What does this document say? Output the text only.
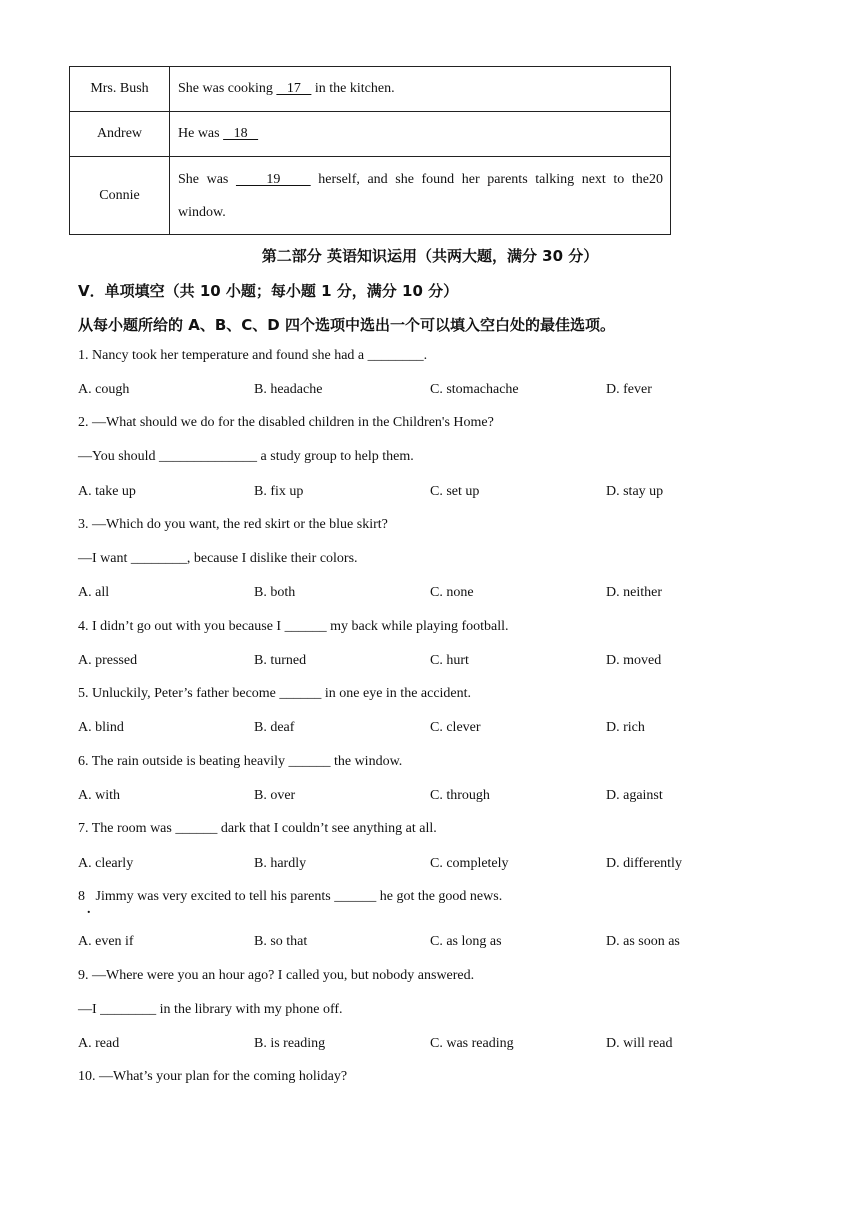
Mrs. Bush	She was cooking    17    in the kitchen.
Andrew	He was    18
Connie	She was     19     herself, and she found her parents talking next to the20
window.
第二部分 英语知识运用（共两大题，满分 30 分）
V．单项填空（共 10 小题；每小题 1 分，满分 10 分）
从每小题所给的 A、B、C、D 四个选项中选出一个可以填入空白处的最佳选项。
1. Nancy took her temperature and found she had a ________.
A. cough	B. headache	C. stomachache	D. fever
2. —What should we do for the disabled children in the Children's Home?
—You should ______________ a study group to help them.
A. take up	B. fix up	C. set up	D. stay up
3. —Which do you want, the red skirt or the blue skirt?
—I want ________, because I dislike their colors.
A. all	B. both	C. none	D. neither
4. I didn’t go out with you because I ______ my back while playing football.
A. pressed	B. turned	C. hurt	D. moved
5. Unluckily, Peter’s father become ______ in one eye in the accident.
A. blind	B. deaf	C. clever	D. rich
6. The rain outside is beating heavily ______ the window.
A. with	B. over	C. through	D. against
7. The room was ______ dark that I couldn’t see anything at all.
A. clearly	B. hardly	C. completely	D. differently
8   Jimmy was very excited to tell his parents ______ he got the good news.
.
A. even if	B. so that	C. as long as	D. as soon as
9. —Where were you an hour ago? I called you, but nobody answered.
—I ________ in the library with my phone off.
A. read	B. is reading	C. was reading	D. will read
10. —What’s your plan for the coming holiday?
